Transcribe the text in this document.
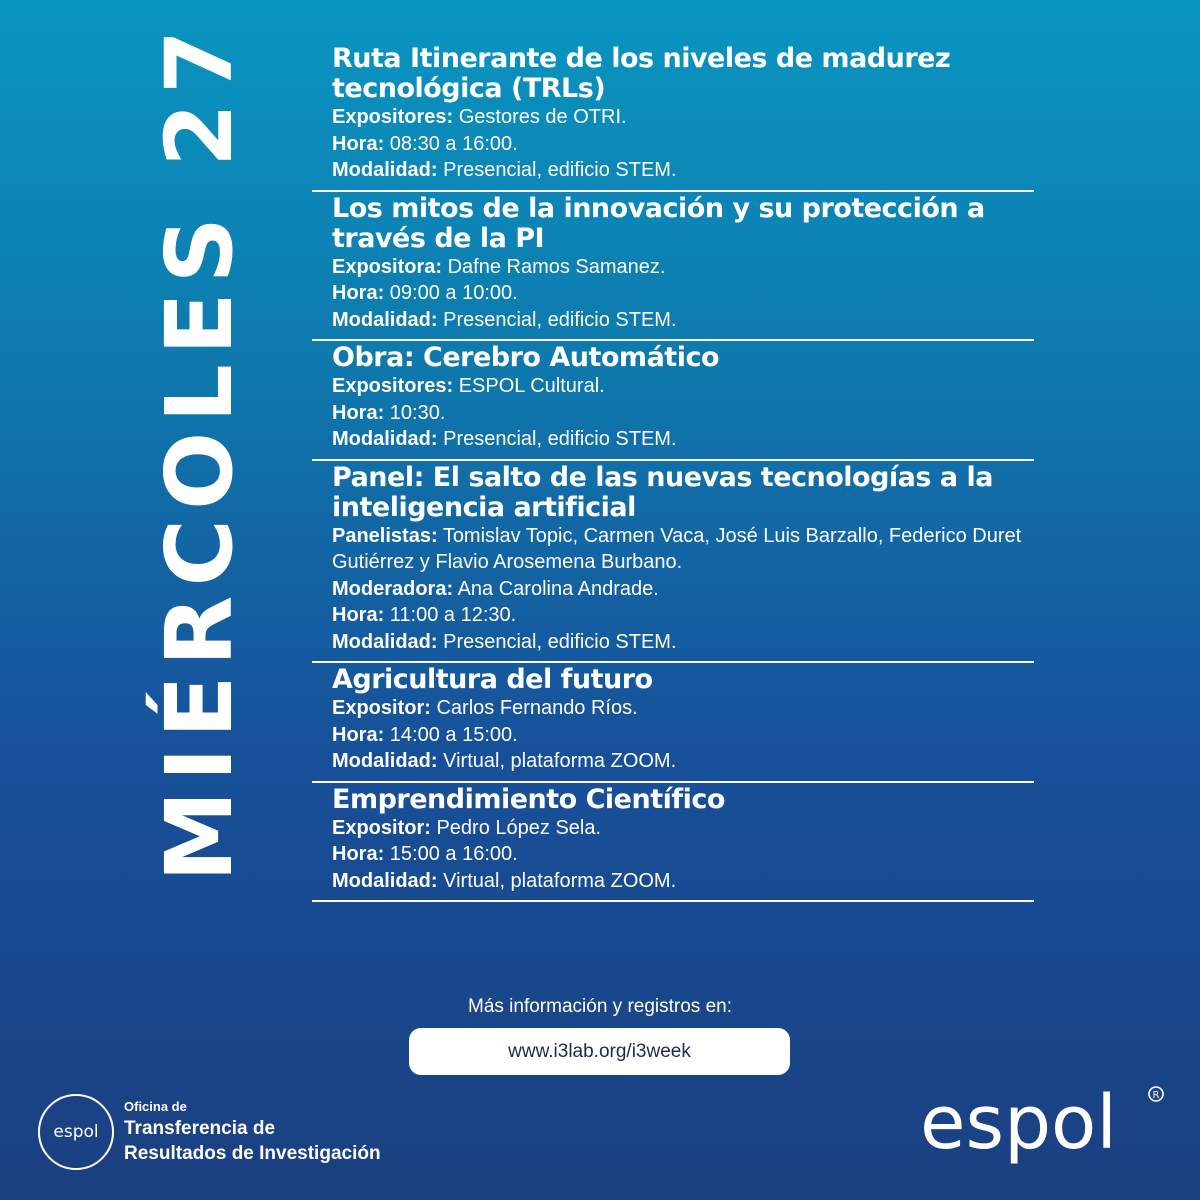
MIÉRCOLES 27	Ruta Itinerante de los niveles de madurez tecnológica (TRLs)
Expositores: Gestores de OTRI.
Hora: 08:30 a 16:00.
Modalidad: Presencial, edificio STEM.
Los mitos de la innovación y su protección a través de la PI
Expositora: Dafne Ramos Samanez.
Hora: 09:00 a 10:00.
Modalidad: Presencial, edificio STEM.
Obra: Cerebro Automático
Expositores: ESPOL Cultural.
Hora: 10:30.
Modalidad: Presencial, edificio STEM.
Panel: El salto de las nuevas tecnologías a la inteligencia artificial
Panelistas: Tomislav Topic, Carmen Vaca, José Luis Barzallo, Federico Duret Gutiérrez y Flavio Arosemena Burbano.
Moderadora: Ana Carolina Andrade.
Hora: 11:00 a 12:30.
Modalidad: Presencial, edificio STEM.
Agricultura del futuro
Expositor: Carlos Fernando Ríos.
Hora: 14:00 a 15:00.
Modalidad: Virtual, plataforma ZOOM.
Emprendimiento Científico
Expositor: Pedro López Sela.
Hora: 15:00 a 16:00.
Modalidad: Virtual, plataforma ZOOM.
Más información y registros en:
www.i3lab.org/i3week
espol
Oficina de
Transferencia de
Resultados de Investigación	espol	R
